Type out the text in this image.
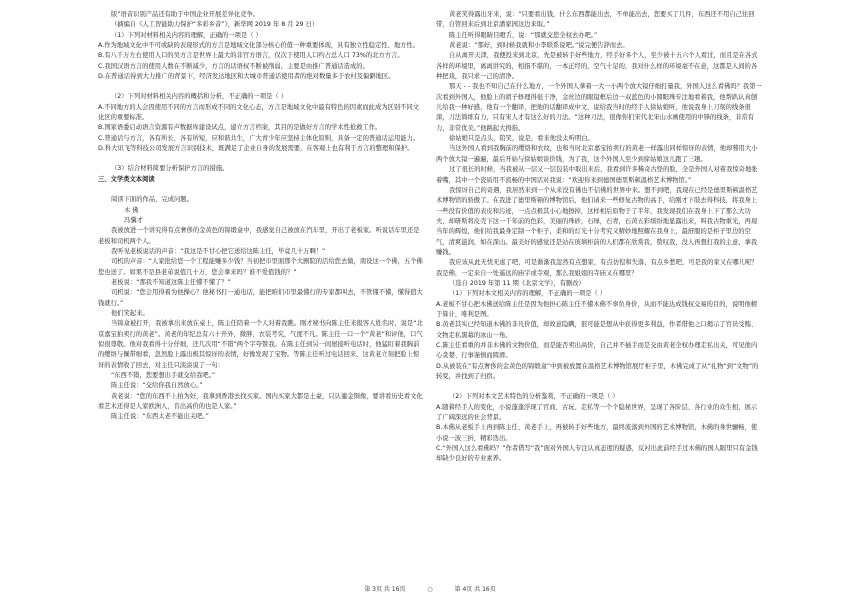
版”语音识别产品还有助于中国企业开展差异化竞争。

（摘编自《人工智能助力保护“多彩乡音”》，新华网 2019 年 8 月 29 日）

（1）下列对材料相关内容的理解，正确的一项是（ ）

A.作为地域文化中不可或缺的表现形式的方言是地域文化部分核心价值一种重要体现，具有独立性稳定性、地方性。

B.有八千万左右使用人口的吴方言是世界上最大的非官方语言，仅次于使用人口约占总人口 73%的北方方言。

C.我国汉语方言的使用人数在不断减少，方言的话语权不断被削弱，主要是由推广普通话造成的。

D.在普通话得到大力推广的背景下，经济发达地区和大城市普通话使用者的绝对数量多于农村及偏僻地区。

（2）下列对材料相关内容的概括和分析，不正确的一项是（ ）

A.不同地方的人会因使用不同的方言而形成不同的文化心态，方言是地域文化中最有特色的因素而此成为区别不同文化区的重要标准。

B.国家语委启动语言资源有声数据库建设试点，建立方言档案，其目的是做好方言的学术性抢救工作。

C.普通话与方言，各有所长、各有所短，应和谐共生，广大青少年应坚持主体化原则，具备一定的普通话运用能力。

D.科大讯飞等科技公司发展方言识别技术，既满足了企业自身的发展需要，在客观上也有利于方言的整理和保护。

（3）结合材料简要分析保护方言的措施。

三、文学类文本阅读

阅读下面的作品，完成问题。

木 佛

冯骥才

我被放进一个讲究得有点奢侈的金黄色的锦缎盒中，我感觉自己被放在汽车里，开出了老板家。听说话车里还是老板和司机两个人。

我听见老板说话的声音：“我这是不甘心把它送给这陈主任，毕竟几十万啊！”

司机的声音：“人家批给您一个工程能赚多少钱？当初把市里面那个大剧院的活给您去做，南设这一个佛，五个佛您也送了。如果不是县老弟说值几十万，您会拿来吗？谁不爱值钱的？”

老板说：“那我不知道这陈主任懂不懂了？”

司机说：“您会用得着为他操心？他秘书打一通电话，能把咱们市里最懂行的专家都叫去，不管懂不懂，懂得值大钱就行。”

他们笑起来。

当锦盒被打开，我被拿出来放在桌上，陈主任陪着一个人对着我瞧。刚才秘书向陈主任来报客人姓名时，说是“北京嘉宝拍卖行的黄老”。黄老的年纪总有六十开外，微胖，衣装考究，气度不凡。陈主任一口一个“黄老”和评他，口气似很尊敬。他对我看得十分仔细，还几次用“不错”两个字夸赞我。在陈主任到另一间屋接听电话时，他猛盯着我胸前的缨络与佩带细看，忽然脸上露出极其惊讶的表情，好像发现了宝物。等陈主任听过电话回来，这黄老立刻把脸上惊讶的表情收了回去，对主任只淡淡说了一句：

“东西不错，您要想出手就交给我吧。”

陈主任说：“交给你我自然放心。”

黄老说：“您的东西不上拍为好，我拿到香港去找买家。国内买家大都是土豪，只认鎏金铜像，要讲看历史看文化看艺术还得是人家欧洲人，肯出高价的也是人家。”

陈主任说：“东西太老不能出关吧。”

黄老笑得露出牙来，说：“只要看出钱，什么东西都能出去，不单能出去，您要买了几件，东西还不用自己往回带，自管回来后到北京潘家园这边来取。”

陈主任听得眼睛目瞪舌，说：“那就交您全权去办吧。”

黄老说：“那好，到时候我就和小李联系说吧。”说完便告辞而去。

自从离开天津，我便投来到北京，先是被转手好些地方，经手好多个人，至少被十五六个人看过，而且是在各式各样的环境里，离离讲究的，相指不堪的，一本正经的，空气十足的，我对什么样的环境毫不在意，这都是人间的各种把戏，我只求一己的清净。

那天 - - 我也不知自己在什么地方，一个外国人拿着一大一小两个放大镜仔细打量我，外国人这么看佛吗？我第一次看到外国人，他脸上的胡子修理得很干净，金丝边的眼镜框后边一双蓝色的小圆眼珠专注地看着我，他帮趴认真刨儿给我一种好感，他有一个翻译，把他的话翻译成中文，说给我当时的经手人徐姑娘听，他说我身上刀刻的线条很深，刀法简练有力，只有宋人才有这么好的刀法。“这种刀法，很像你们宋代北宋山水画使用的中锋的线条，非常有力，非常优美。”他跳起大拇指。

徐姑娘只是点头，陪笑，说是，看来他没太听明白。

当这外国人看到我胸前的缨络和衣纹，也和当时北京嘉宝拍卖行的黄老一样露出同样惊讶的表情，他却蓦用大小两个放大镜一遍遍，最后开始与徐姑娘谈价钱，为了我，这个外国人至少到徐姑娘这儿跑了三趟。

过了很长的时候，当我被从一层又一层包装中取出来后，我看到许多稀奇古怪的脸，全是外国人对着我惊奇地张着嘴，其中一个瓷质用不流畅的中国话对我说：“欢迎你来到德国德里斯顿温格艺术博物馆。”

我惊讶自己的奇遇，我居然来到一个从来没有佛也不信佛的世界中来。想不到吧，我现在已经是德里斯顿温格艺术博物馆的骄傲了。在我进了德里斯顿的博物馆后，他们请来一些修复古物的高手，给刚才下肢去得科技，将我身上一些没有价值的表皮和污迹，一点点极其小心地擦掉，这样相后原物于了半年，我发现我们在我身上下了那么大功夫，却研斯将皮壳下这一千年前的色彩，美丽的珠砂，石绿，石青，石黄五彩缤纷地显露出来，叫我古物重光，再现当年的辉煌，他们给我最身定制一个柜子，柔和的灯光十分考究又精妙地照耀在我身上，最舒服的是柜子里边的空气，清爽滋润，如在深山。最美好的感觉还是站在玻璃柜前的人们都在欣赏我，赞叹我，没人再想打我的主意，拿我赚钱。

我应该从此无忧无虑了吧，可是渐渐我忽然有点想家，有点彷徨和失落，有点乡愁吧，可是我的家又在哪儿呢？我是佛，一定来自一处遥远的庙宇或寺观，那么我姐姐的寺庙又在哪里？

（选自 2019 年第 11 期《北京文学》，有删改）

（1）下列对本文相关内容的理解，不正确的一项是（ ）

A.老板不甘心把木佛送给陈主任是因为他担心陈主任不懂木佛不辜负身价，从而不能达成钱权交易的目的，说明他精于算计，唯利是图。

B.黄老其实已经知道木佛的非凡价值，却故意隐瞒，很可能是想从中获得更多利益，作者借他之口揭示了官员受贿、文物走私黑幕的冰山一角。

C.陈主任看重的并非木佛的文物价值，而是能否卖出高价，自己并不插手而是交由黄老全权办理走私出关，可见他内心贪婪、行事谨慎而圆滑。

D.从被装在“有点奢侈的金黄色的锦缎盒”中到被放置在温格艺术博物馆展厅柜子里，木佛完成了从“礼物”到“文物”的转变，并找到了归宿。

（2）下列对本文艺术特色的分析鉴赏，不正确的一项是（ ）

A.随着经手人的变化，小说蓬蓬浮现了官商、古玩、走私等一个个隐秘世界，呈现了各阶层、各行业的众生相，展示了广阔深远的社会背景。

B.木佛从老板手上再到陈主任、黄老手上，再被转手好些地方，最终流落到外国的艺术博物馆，木佛的身世骊畅，使小说一波三折，精彩迭出。

C.“外国人这么看佛吗？”作者借写“我”面对外国人专注认真态度的疑惑，反衬出此前经手过木佛的国人眼里只有金钱却缺少良好的专业素养。

第 3页 共 16页	○	第 4页 共 16页
